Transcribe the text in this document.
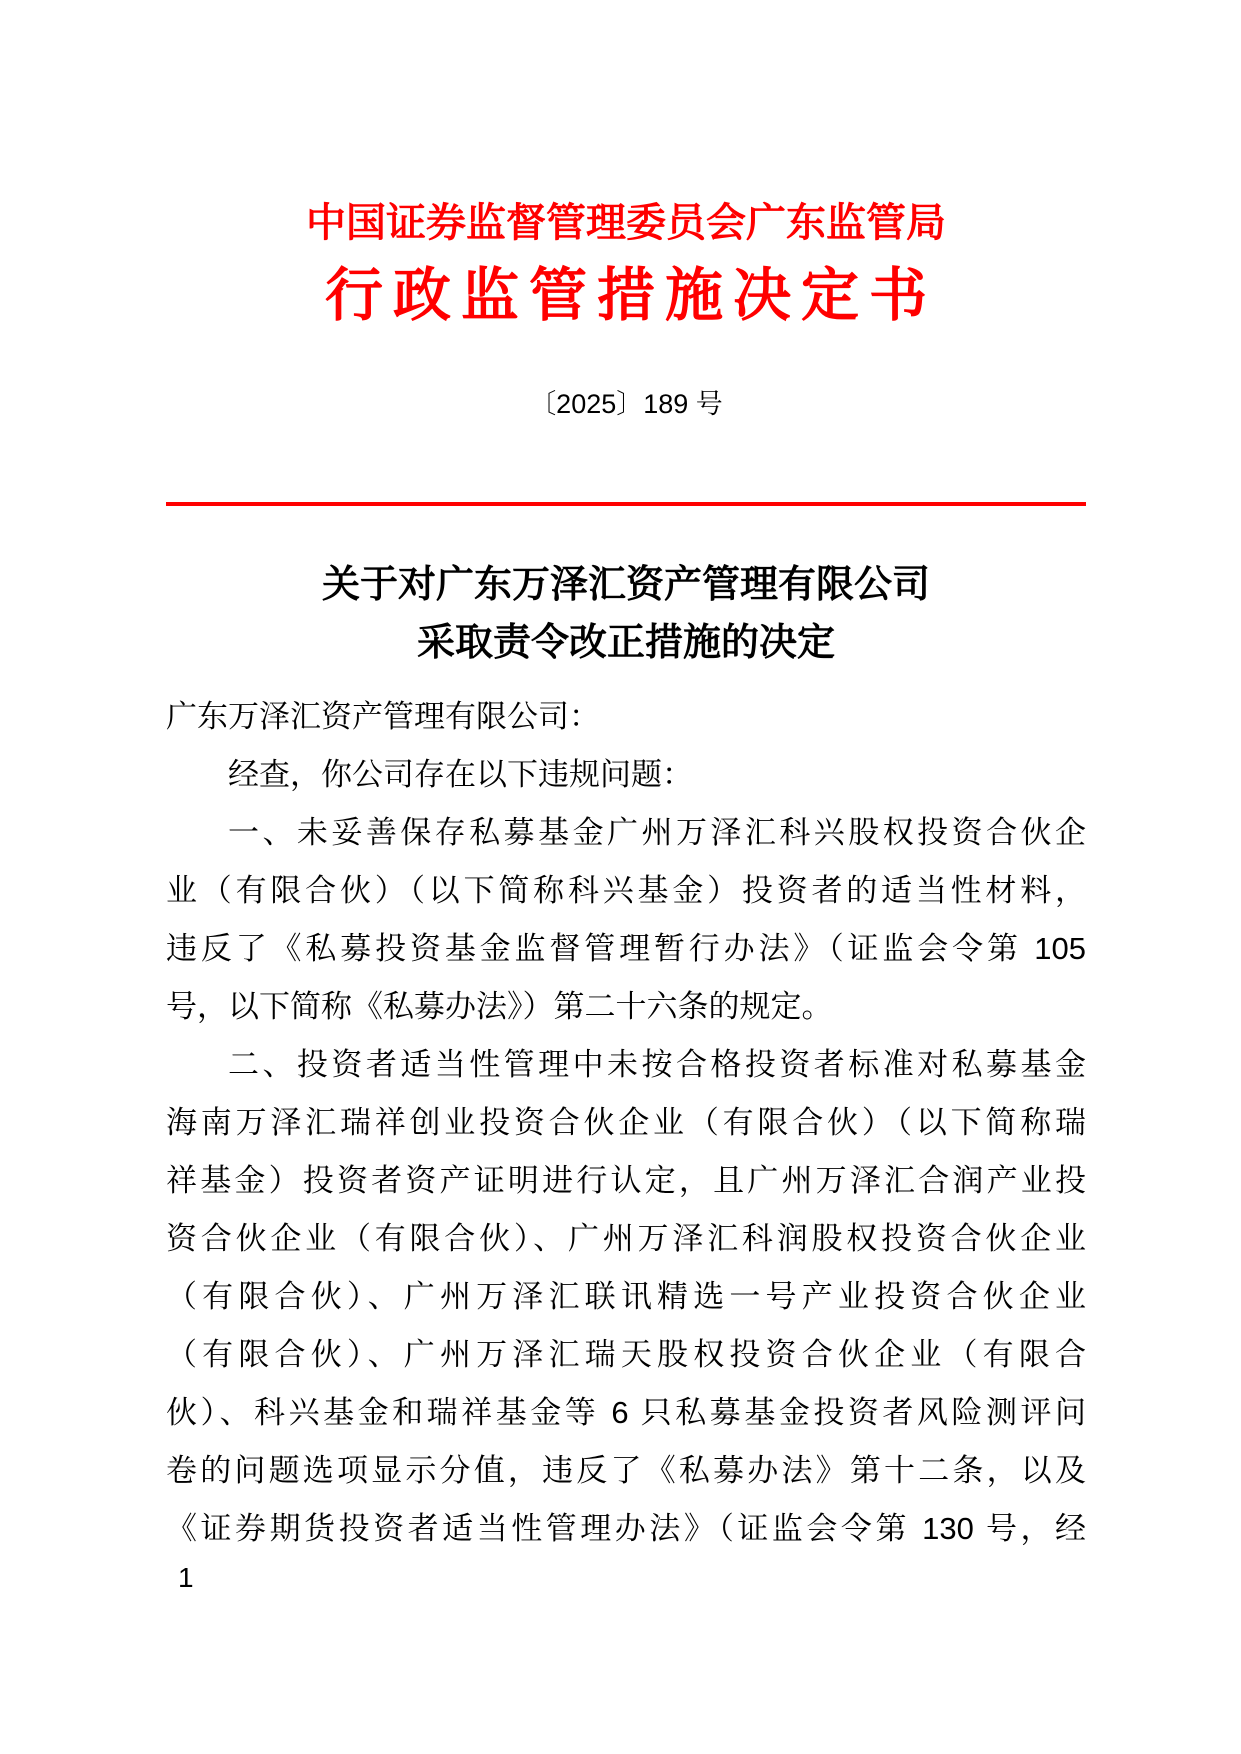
中国证券监督管理委员会广东监管局
行政监管措施决定书
〔2025〕189 号
关于对广东万泽汇资产管理有限公司
采取责令改正措施的决定
广东万泽汇资产管理有限公司：
经查，你公司存在以下违规问题：
一、未妥善保存私募基金广州万泽汇科兴股权投资合伙企
业（有限合伙）（以下简称科兴基金）投资者的适当性材料，
违反了《私募投资基金监督管理暂行办法》（证监会令第 105
号，以下简称《私募办法》）第二十六条的规定。
二、投资者适当性管理中未按合格投资者标准对私募基金
海南万泽汇瑞祥创业投资合伙企业（有限合伙）（以下简称瑞
祥基金）投资者资产证明进行认定，且广州万泽汇合润产业投
资合伙企业（有限合伙）、广州万泽汇科润股权投资合伙企业
（有限合伙）、广州万泽汇联讯精选一号产业投资合伙企业
（有限合伙）、广州万泽汇瑞天股权投资合伙企业（有限合
伙）、科兴基金和瑞祥基金等 6 只私募基金投资者风险测评问
卷的问题选项显示分值，违反了《私募办法》第十二条，以及
《证券期货投资者适当性管理办法》（证监会令第 130 号，经
1
